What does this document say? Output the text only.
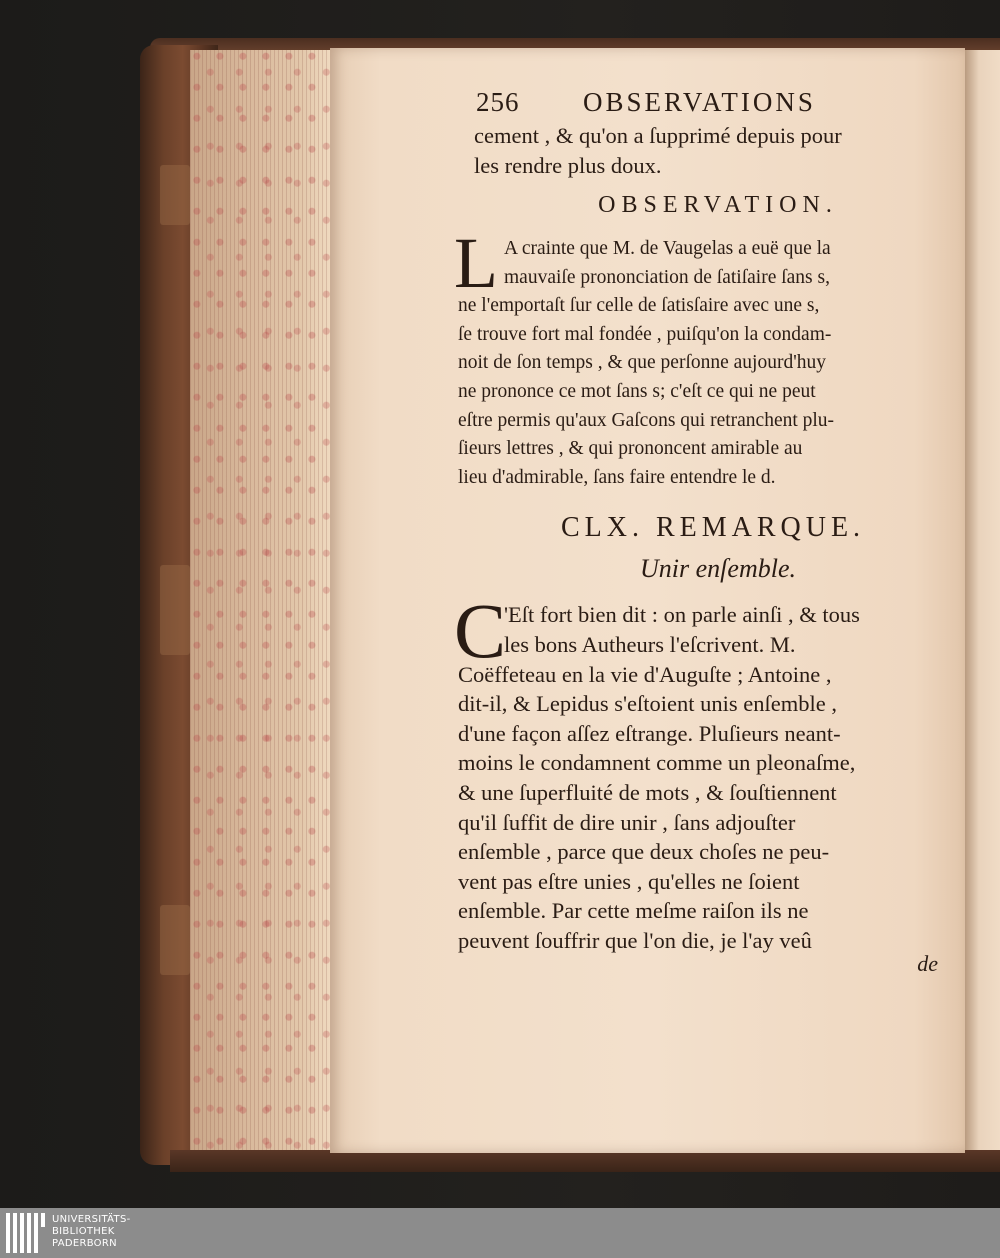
256 OBSERVATIONS
cement , & qu'on a ſupprimé depuis pour
les rendre plus doux.
OBSERVATION.
L A crainte que M. de Vaugelas a euë que la
mauvaiſe prononciation de ſatiſaire ſans s,
ne l'emportaſt ſur celle de ſatisſaire avec une s,
ſe trouve fort mal fondée , puiſqu'on la condam-
noit de ſon temps , & que perſonne aujourd'huy
ne prononce ce mot ſans s; c'eſt ce qui ne peut
eſtre permis qu'aux Gaſcons qui retranchent plu-
ſieurs lettres , & qui prononcent amirable au
lieu d'admirable, ſans faire entendre le d.
CLX. REMARQUE.
Unir enſemble.
C
'Eſt fort bien dit : on parle ainſi , & tous
les bons Autheurs l'eſcrivent. M.
Coëffeteau en la vie d'Auguſte ; Antoine ,
dit-il, & Lepidus s'eſtoient unis enſemble ,
d'une façon aſſez eſtrange. Pluſieurs neant-
moins le condamnent comme un pleonaſme,
& une ſuperfluité de mots , & ſouſtiennent
qu'il ſuffit de dire unir , ſans adjouſter
enſemble , parce que deux choſes ne peu-
vent pas eſtre unies , qu'elles ne ſoient
enſemble. Par cette meſme raiſon ils ne
peuvent ſouffrir que l'on die, je l'ay veû
de
UNIVERSITÄTS-
BIBLIOTHEK
PADERBORN
